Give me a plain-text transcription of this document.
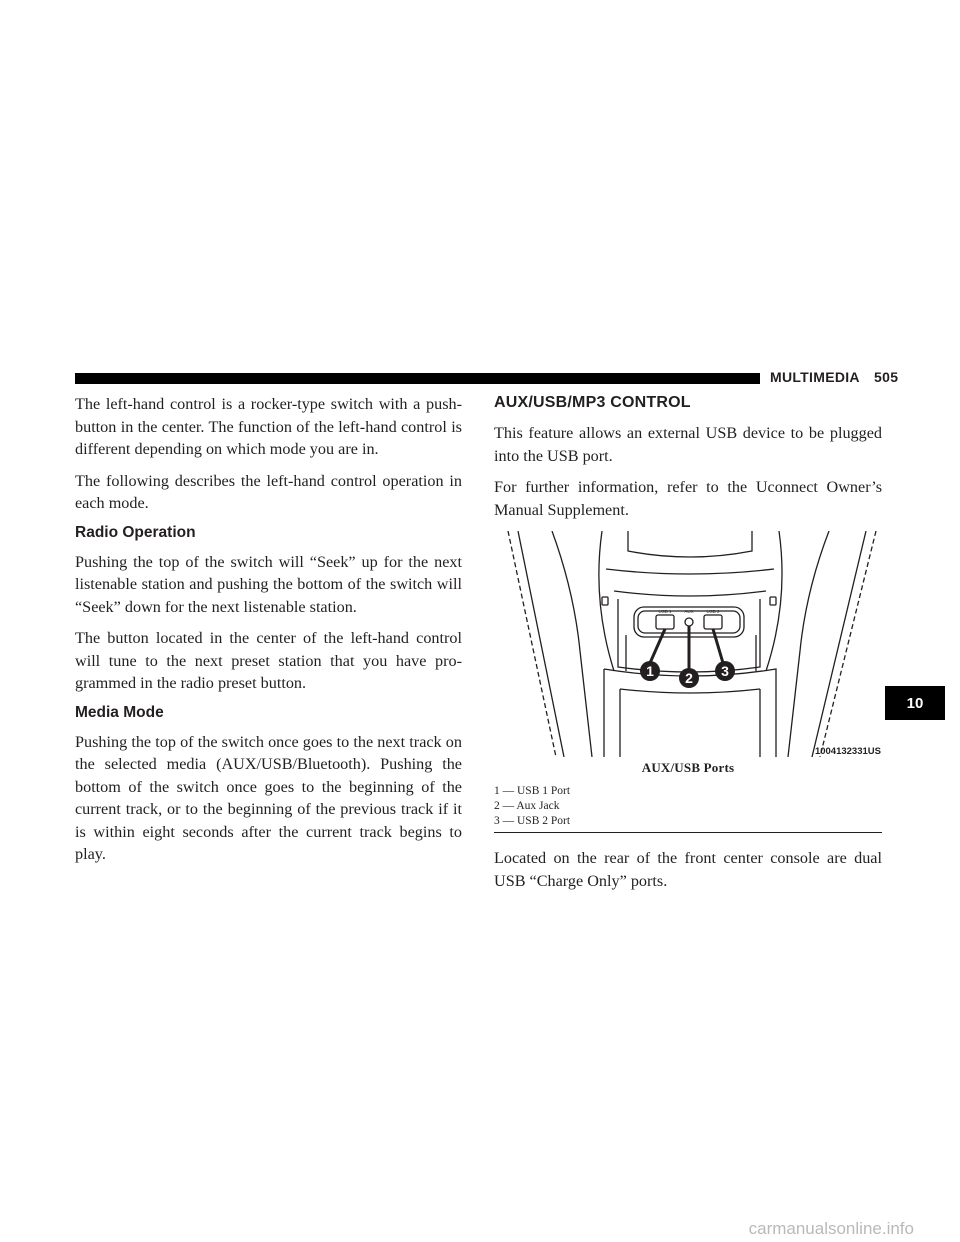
MULTIMEDIA 505

The left-hand control is a rocker-type switch with a push-button in the center. The function of the left-hand control is different depending on which mode you are in.

The following describes the left-hand control operation in each mode.

Radio Operation

Pushing the top of the switch will “Seek” up for the next listenable station and pushing the bottom of the switch will “Seek” down for the next listenable station.

The button located in the center of the left-hand control will tune to the next preset station that you have pro-grammed in the radio preset button.

Media Mode

Pushing the top of the switch once goes to the next track on the selected media (AUX/USB/Bluetooth). Pushing the bottom of the switch once goes to the beginning of the current track, or to the beginning of the previous track if it is within eight seconds after the current track begins to play.

AUX/USB/MP3 CONTROL

This feature allows an external USB device to be plugged into the USB port.

For further information, refer to the Uconnect Owner’s Manual Supplement.

1 2 3
USB 1	AUX	USB 2
1004132331US
AUX/USB Ports
1 — USB 1 Port
2 — Aux Jack
3 — USB 2 Port

Located on the rear of the front center console are dual USB “Charge Only” ports.

10
carmanualsonline.info
